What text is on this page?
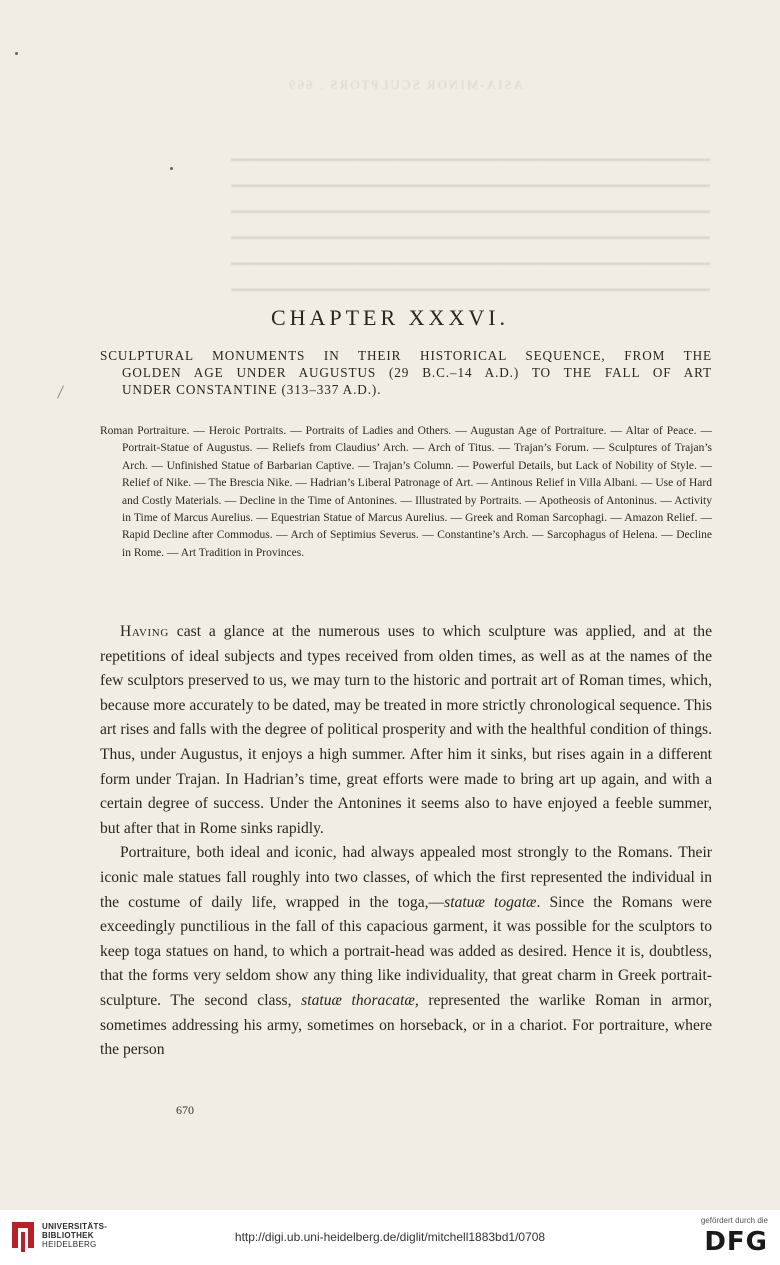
ASIA-MINOR SCULPTORS . 669
━━━━━━━━━━━━━━━━━━━━━━━━━━━━━━━━━━━━━━━━━━━━━━━━━━━━━
━━━━━━━━━━━━━━━━━━━━━━━━━━━━━━━━━━━━━━━━━━━━━━━━━━━━━
━━━━━━━━━━━━━━━━━━━━━━━━━━━━━━━━━━━━━━━━━━━━━━━━━━━━━
━━━━━━━━━━━━━━━━━━━━━━━━━━━━━━━━━━━━━━━━━━━━━━━━━━━━━
━━━━━━━━━━━━━━━━━━━━━━━━━━━━━━━━━━━━━━━━━━━━━━━━━━━━━
━━━━━━━━━━━━━━━━━━━━━━━━━━━━━━━━━━━━━━━━━━━━━━━━━━━━━
CHAPTER XXXVI.
SCULPTURAL MONUMENTS IN THEIR HISTORICAL SEQUENCE, FROM THE
GOLDEN AGE UNDER AUGUSTUS (29 B.C.–14 A.D.) TO THE FALL OF ART
UNDER CONSTANTINE (313–337 A.D.).
Roman Portraiture. — Heroic Portraits. — Portraits of Ladies and Others. — Augustan Age of Portraiture. — Altar of Peace. — Portrait-Statue of Augustus. — Reliefs from Claudius’ Arch. — Arch of Titus. — Trajan’s Forum. — Sculptures of Trajan’s Arch. — Unfinished Statue of Barbarian Captive. — Trajan’s Column. — Powerful Details, but Lack of Nobility of Style. — Relief of Nike. — The Brescia Nike. — Hadrian’s Liberal Patronage of Art. — Antinous Relief in Villa Albani. — Use of Hard and Costly Materials. — Decline in the Time of Antonines. — Illustrated by Portraits. — Apotheosis of Antoninus. — Activity in Time of Marcus Aurelius. — Equestrian Statue of Marcus Aurelius. — Greek and Roman Sarcophagi. — Amazon Relief. — Rapid Decline after Commodus. — Arch of Septimius Severus. — Constantine’s Arch. — Sarcophagus of Helena. — Decline in Rome. — Art Tradition in Provinces.

Having cast a glance at the numerous uses to which sculpture was applied, and at the repetitions of ideal subjects and types received from olden times, as well as at the names of the few sculptors preserved to us, we may turn to the historic and portrait art of Roman times, which, because more accurately to be dated, may be treated in more strictly chronological sequence. This art rises and falls with the degree of political prosperity and with the healthful condition of things. Thus, under Augustus, it enjoys a high summer. After him it sinks, but rises again in a different form under Trajan. In Hadrian’s time, great efforts were made to bring art up again, and with a certain degree of success. Under the Antonines it seems also to have enjoyed a feeble summer, but after that in Rome sinks rapidly.

Portraiture, both ideal and iconic, had always appealed most strongly to the Romans. Their iconic male statues fall roughly into two classes, of which the first represented the individual in the costume of daily life, wrapped in the toga,—statuæ togatæ. Since the Romans were exceedingly punctilious in the fall of this capacious garment, it was possible for the sculptors to keep toga statues on hand, to which a portrait-head was added as desired. Hence it is, doubtless, that the forms very seldom show any thing like individuality, that great charm in Greek portrait-sculpture. The second class, statuæ thoracatæ, represented the warlike Roman in armor, sometimes addressing his army, sometimes on horseback, or in a chariot. For portraiture, where the person

670
UNIVERSITÄTS-
BIBLIOTHEK
HEIDELBERG
http://digi.ub.uni-heidelberg.de/diglit/mitchell1883bd1/0708
gefördert durch die
DFG
